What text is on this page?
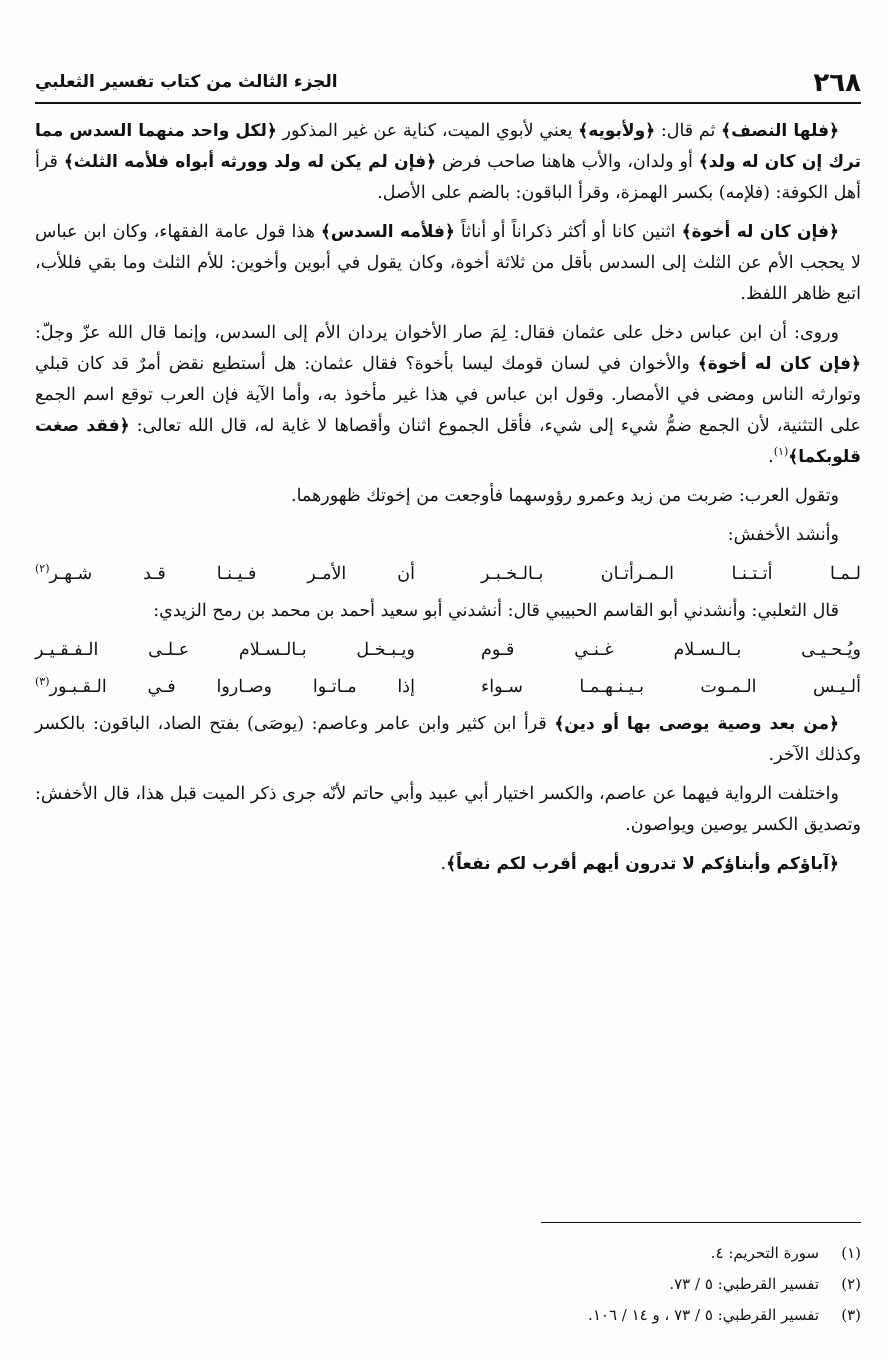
٢٦٨
الجزء الثالث من كتاب تفسير الثعلبي

﴿فلها النصف﴾ ثم قال: ﴿ولأبويه﴾ يعني لأبوي الميت، كناية عن غير المذكور ﴿لكل واحد منهما السدس مما ترك إن كان له ولد﴾ أو ولدان، والأب هاهنا صاحب فرض ﴿فإن لم يكن له ولد وورثه أبواه فلأمه الثلث﴾ قرأ أهل الكوفة: (فلإمه) بكسر الهمزة، وقرأ الباقون: بالضم على الأصل.

﴿فإن كان له أخوة﴾ اثنين كانا أو أكثر ذكراناً أو أناثاً ﴿فلأمه السدس﴾ هذا قول عامة الفقهاء، وكان ابن عباس لا يحجب الأم عن الثلث إلى السدس بأقل من ثلاثة أخوة، وكان يقول في أبوين وأخوين: للأم الثلث وما بقي فللأب، اتبع ظاهر اللفظ.

وروى: أن ابن عباس دخل على عثمان فقال: لِمَ صار الأخوان يردان الأم إلى السدس، وإنما قال الله عزّ وجلّ: ﴿فإن كان له أخوة﴾ والأخوان في لسان قومك ليسا بأخوة؟ فقال عثمان: هل أستطيع نقض أمرٌ قد كان قبلي وتوارثه الناس ومضى في الأمصار. وقول ابن عباس في هذا غير مأخوذ به، وأما الآية فإن العرب توقع اسم الجمع على التثنية، لأن الجمع ضمُّ شيء إلى شيء، فأقل الجموع اثنان وأقصاها لا غاية له، قال الله تعالى: ﴿فقد صغت قلوبكما﴾$^{(١)}$.

وتقول العرب: ضربت من زيد وعمرو رؤوسهما فأوجعت من إخوتك ظهورهما.

وأنشد الأخفش:

لـمـا أتـتـنـا الـمـرأتـان بـالـخـبـر
أن الأمـر فـيـنـا قـد شـهـر$^{(٢)}$

قال الثعلبي: وأنشدني أبو القاسم الحبيبي قال: أنشدني أبو سعيد أحمد بن محمد بن رمح الزيدي:

ويُـحـيـى بـالـسـلام غـنـي قـوم
ويـبـخـل بـالـسـلام عـلـى الـفـقـيـر
ألـيـس الـمـوت بـيـنـهـمـا سـواء
إذا مـاتـوا وصـاروا فـي الـقـبـور$^{(٣)}$

﴿من بعد وصية يوصى بها أو دين﴾ قرأ ابن كثير وابن عامر وعاصم: (يوصَى) بفتح الصاد، الباقون: بالكسر وكذلك الآخر.

واختلفت الرواية فيهما عن عاصم، والكسر اختيار أبي عبيد وأبي حاتم لأنّه جرى ذكر الميت قبل هذا، قال الأخفش: وتصديق الكسر يوصين ويواصون.

﴿آباؤكم وأبناؤكم لا تدرون أيهم أقرب لكم نفعاً﴾.

(١)
سورة التحريم: ٤.
(٢)
تفسير القرطبي: ٥ / ٧٣.
(٣)
تفسير القرطبي: ٥ / ٧٣ ، و ١٤ / ١٠٦.
